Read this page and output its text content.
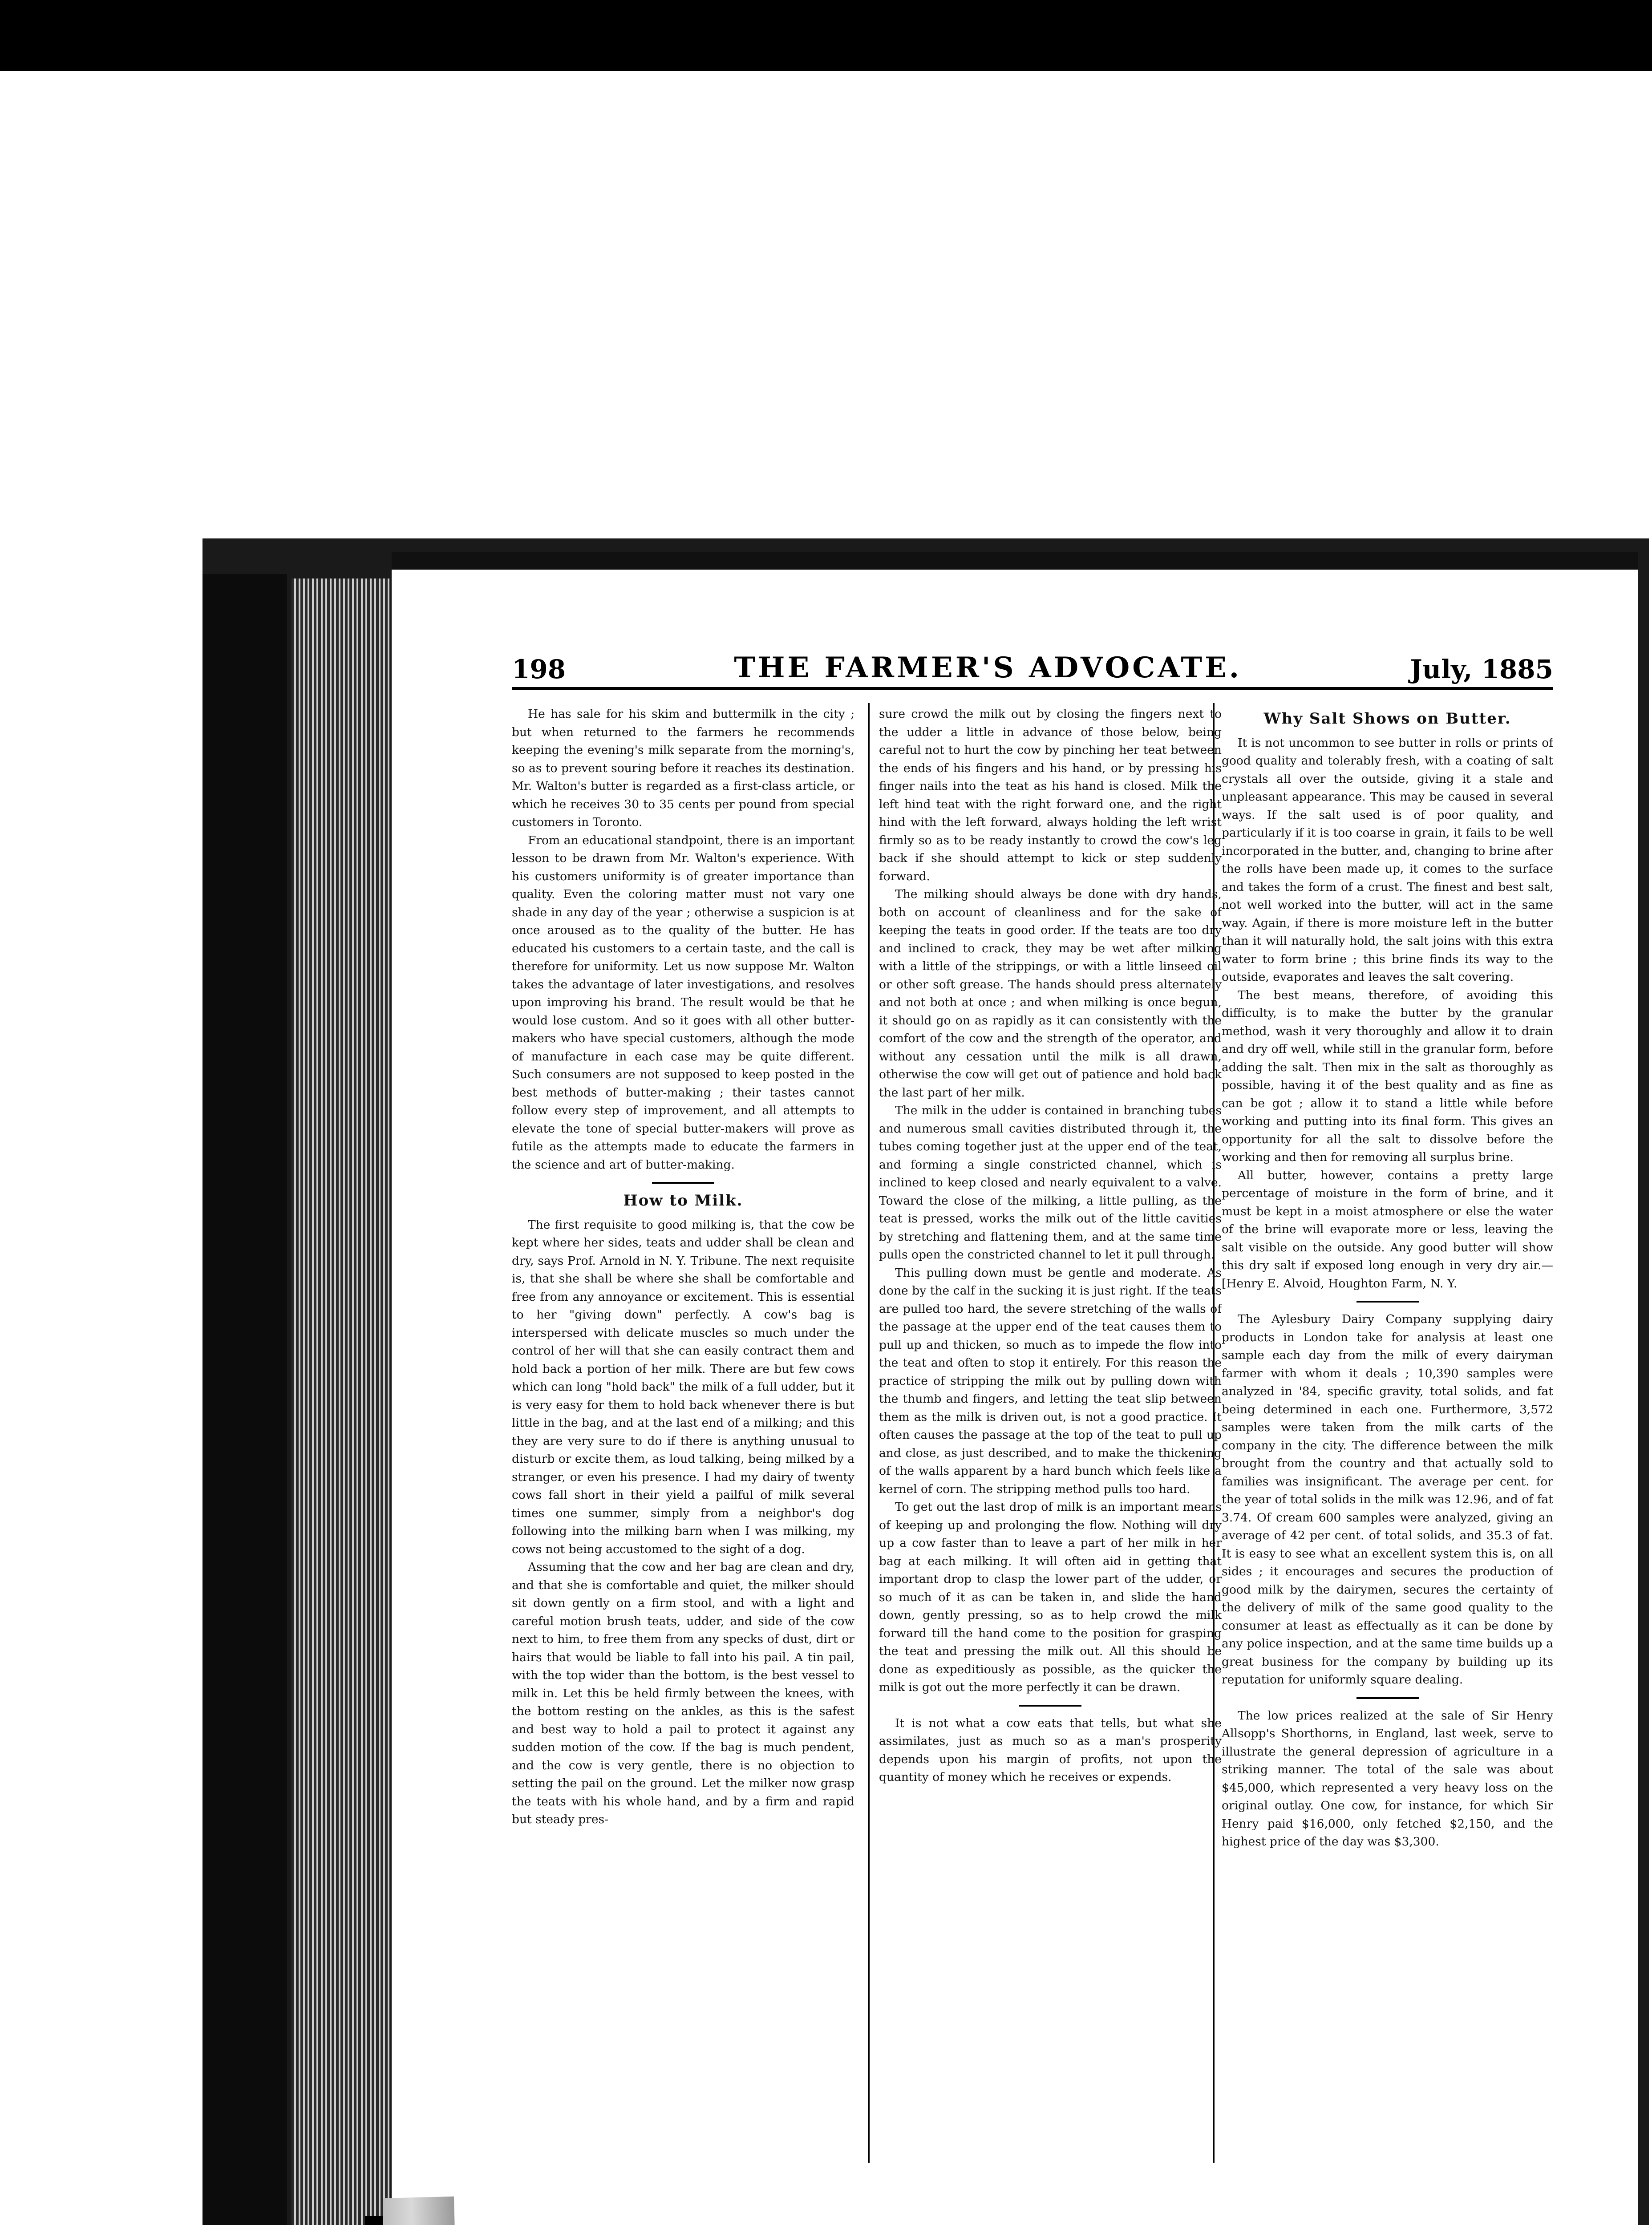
198	THE FARMER'S ADVOCATE.	July, 1885

He has sale for his skim and buttermilk in the city ; but when returned to the farmers he recommends keeping the evening's milk separate from the morning's, so as to prevent souring before it reaches its destination. Mr. Walton's butter is regarded as a first-class article, or which he receives 30 to 35 cents per pound from special customers in Toronto.

From an educational standpoint, there is an important lesson to be drawn from Mr. Walton's experience. With his customers uniformity is of greater importance than quality. Even the coloring matter must not vary one shade in any day of the year ; otherwise a suspicion is at once aroused as to the quality of the butter. He has educated his customers to a certain taste, and the call is therefore for uniformity. Let us now suppose Mr. Walton takes the advantage of later investigations, and resolves upon improving his brand. The result would be that he would lose custom. And so it goes with all other butter-makers who have special customers, although the mode of manufacture in each case may be quite different. Such consumers are not supposed to keep posted in the best methods of butter-making ; their tastes cannot follow every step of improvement, and all attempts to elevate the tone of special butter-makers will prove as futile as the attempts made to educate the farmers in the science and art of butter-making.

How to Milk.

The first requisite to good milking is, that the cow be kept where her sides, teats and udder shall be clean and dry, says Prof. Arnold in N. Y. Tribune. The next requisite is, that she shall be where she shall be comfortable and free from any annoyance or excitement. This is essential to her "giving down" perfectly. A cow's bag is interspersed with delicate muscles so much under the control of her will that she can easily contract them and hold back a portion of her milk. There are but few cows which can long "hold back" the milk of a full udder, but it is very easy for them to hold back whenever there is but little in the bag, and at the last end of a milking; and this they are very sure to do if there is anything unusual to disturb or excite them, as loud talking, being milked by a stranger, or even his presence. I had my dairy of twenty cows fall short in their yield a pailful of milk several times one summer, simply from a neighbor's dog following into the milking barn when I was milking, my cows not being accustomed to the sight of a dog.

Assuming that the cow and her bag are clean and dry, and that she is comfortable and quiet, the milker should sit down gently on a firm stool, and with a light and careful motion brush teats, udder, and side of the cow next to him, to free them from any specks of dust, dirt or hairs that would be liable to fall into his pail. A tin pail, with the top wider than the bottom, is the best vessel to milk in. Let this be held firmly between the knees, with the bottom resting on the ankles, as this is the safest and best way to hold a pail to protect it against any sudden motion of the cow. If the bag is much pendent, and the cow is very gentle, there is no objection to setting the pail on the ground. Let the milker now grasp the teats with his whole hand, and by a firm and rapid but steady pres-

sure crowd the milk out by closing the fingers next to the udder a little in advance of those below, being careful not to hurt the cow by pinching her teat between the ends of his fingers and his hand, or by pressing his finger nails into the teat as his hand is closed. Milk the left hind teat with the right forward one, and the right hind with the left forward, always holding the left wrist firmly so as to be ready instantly to crowd the cow's leg back if she should attempt to kick or step suddenly forward.

The milking should always be done with dry hands, both on account of cleanliness and for the sake of keeping the teats in good order. If the teats are too dry and inclined to crack, they may be wet after milking with a little of the strippings, or with a little linseed oil or other soft grease. The hands should press alternately and not both at once ; and when milking is once begun, it should go on as rapidly as it can consistently with the comfort of the cow and the strength of the operator, and without any cessation until the milk is all drawn, otherwise the cow will get out of patience and hold back the last part of her milk.

The milk in the udder is contained in branching tubes and numerous small cavities distributed through it, the tubes coming together just at the upper end of the teat, and forming a single constricted channel, which is inclined to keep closed and nearly equivalent to a valve. Toward the close of the milking, a little pulling, as the teat is pressed, works the milk out of the little cavities by stretching and flattening them, and at the same time pulls open the constricted channel to let it pull through.

This pulling down must be gentle and moderate. As done by the calf in the sucking it is just right. If the teats are pulled too hard, the severe stretching of the walls of the passage at the upper end of the teat causes them to pull up and thicken, so much as to impede the flow into the teat and often to stop it entirely. For this reason the practice of stripping the milk out by pulling down with the thumb and fingers, and letting the teat slip between them as the milk is driven out, is not a good practice. It often causes the passage at the top of the teat to pull up and close, as just described, and to make the thickening of the walls apparent by a hard bunch which feels like a kernel of corn. The stripping method pulls too hard.

To get out the last drop of milk is an important means of keeping up and prolonging the flow. Nothing will dry up a cow faster than to leave a part of her milk in her bag at each milking. It will often aid in getting that important drop to clasp the lower part of the udder, or so much of it as can be taken in, and slide the hand down, gently pressing, so as to help crowd the milk forward till the hand come to the position for grasping the teat and pressing the milk out. All this should be done as expeditiously as possible, as the quicker the milk is got out the more perfectly it can be drawn.

It is not what a cow eats that tells, but what she assimilates, just as much so as a man's prosperity depends upon his margin of profits, not upon the quantity of money which he receives or expends.

Why Salt Shows on Butter.

It is not uncommon to see butter in rolls or prints of good quality and tolerably fresh, with a coating of salt crystals all over the outside, giving it a stale and unpleasant appearance. This may be caused in several ways. If the salt used is of poor quality, and particularly if it is too coarse in grain, it fails to be well incorporated in the butter, and, changing to brine after the rolls have been made up, it comes to the surface and takes the form of a crust. The finest and best salt, not well worked into the butter, will act in the same way. Again, if there is more moisture left in the butter than it will naturally hold, the salt joins with this extra water to form brine ; this brine finds its way to the outside, evaporates and leaves the salt covering.

The best means, therefore, of avoiding this difficulty, is to make the butter by the granular method, wash it very thoroughly and allow it to drain and dry off well, while still in the granular form, before adding the salt. Then mix in the salt as thoroughly as possible, having it of the best quality and as fine as can be got ; allow it to stand a little while before working and putting into its final form. This gives an opportunity for all the salt to dissolve before the working and then for removing all surplus brine.

All butter, however, contains a pretty large percentage of moisture in the form of brine, and it must be kept in a moist atmosphere or else the water of the brine will evaporate more or less, leaving the salt visible on the outside. Any good butter will show this dry salt if exposed long enough in very dry air.—[Henry E. Alvoid, Houghton Farm, N. Y.

The Aylesbury Dairy Company supplying dairy products in London take for analysis at least one sample each day from the milk of every dairyman farmer with whom it deals ; 10,390 samples were analyzed in '84, specific gravity, total solids, and fat being determined in each one. Furthermore, 3,572 samples were taken from the milk carts of the company in the city. The difference between the milk brought from the country and that actually sold to families was insignificant. The average per cent. for the year of total solids in the milk was 12.96, and of fat 3.74. Of cream 600 samples were analyzed, giving an average of 42 per cent. of total solids, and 35.3 of fat. It is easy to see what an excellent system this is, on all sides ; it encourages and secures the production of good milk by the dairymen, secures the certainty of the delivery of milk of the same good quality to the consumer at least as effectually as it can be done by any police inspection, and at the same time builds up a great business for the company by building up its reputation for uniformly square dealing.

The low prices realized at the sale of Sir Henry Allsopp's Shorthorns, in England, last week, serve to illustrate the general depression of agriculture in a striking manner. The total of the sale was about $45,000, which represented a very heavy loss on the original outlay. One cow, for instance, for which Sir Henry paid $16,000, only fetched $2,150, and the highest price of the day was $3,300.
